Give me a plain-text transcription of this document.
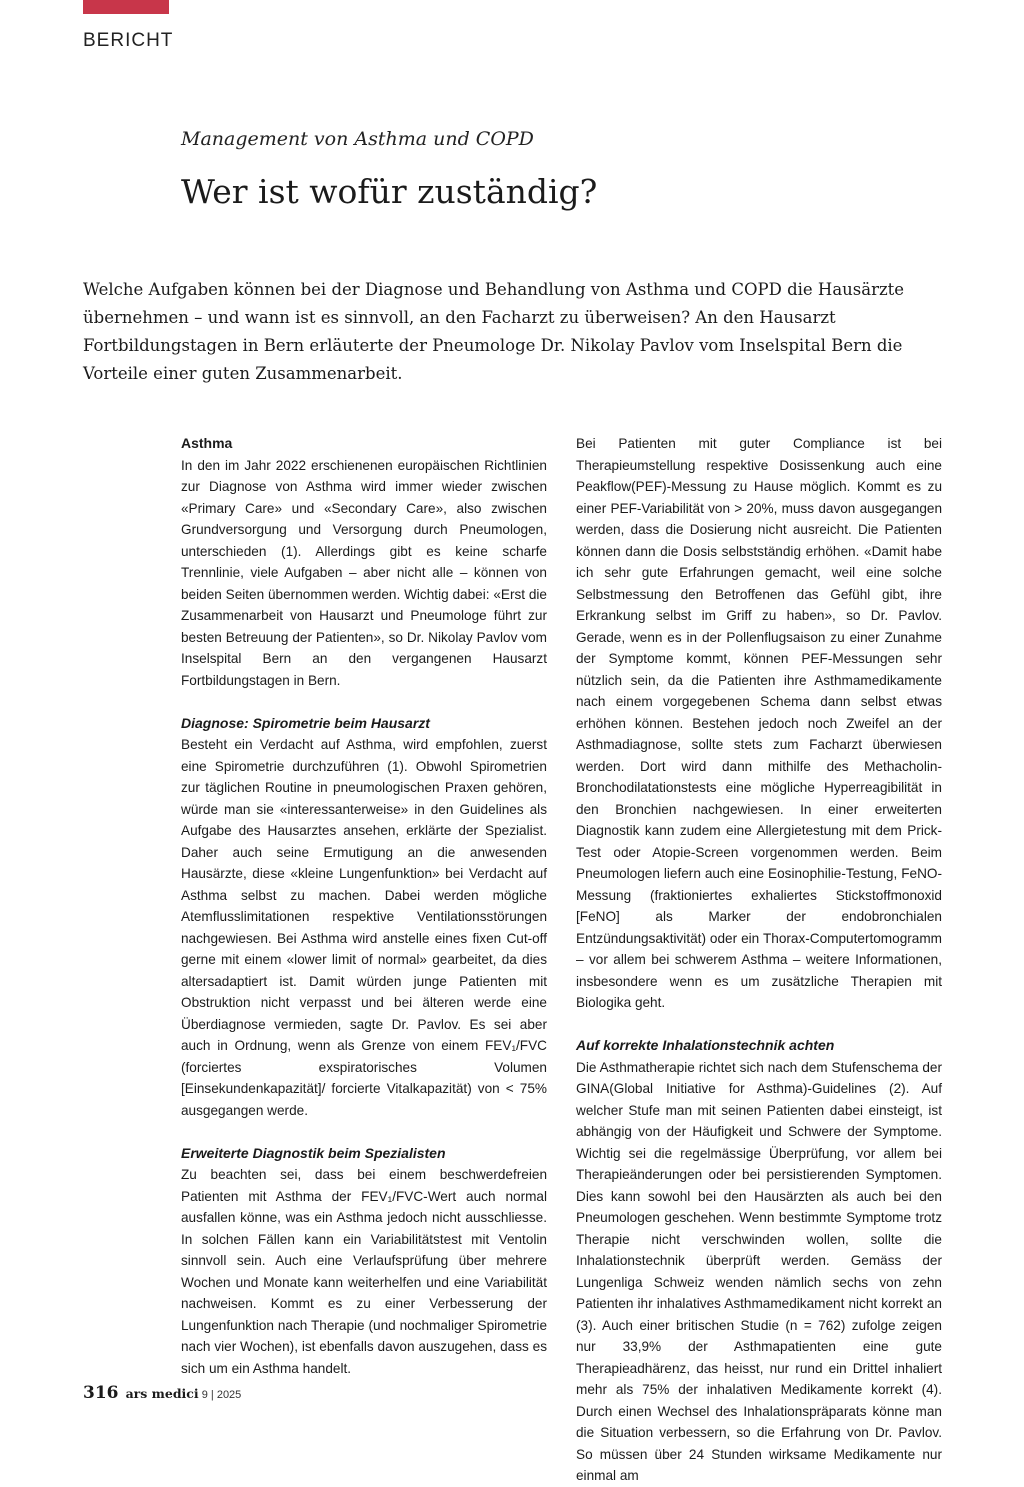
BERICHT
Management von Asthma und COPD
Wer ist wofür zuständig?

Welche Aufgaben können bei der Diagnose und Behandlung von Asthma und COPD die Hausärzte übernehmen – und wann ist es sinnvoll, an den Facharzt zu überweisen? An den Hausarzt Fortbildungstagen in Bern erläuterte der Pneumologe Dr. Nikolay Pavlov vom Inselspital Bern die Vorteile einer guten Zusammenarbeit.

Asthma

In den im Jahr 2022 erschienenen europäischen Richtlinien zur Diagnose von Asthma wird immer wieder zwischen «Primary Care» und «Secondary Care», also zwischen Grundversorgung und Versorgung durch Pneumologen, unterschieden (1). Allerdings gibt es keine scharfe Trennlinie, viele Aufgaben – aber nicht alle – können von beiden Seiten übernommen werden. Wichtig dabei: «Erst die Zusammenarbeit von Hausarzt und Pneumologe führt zur besten Betreuung der Patienten», so Dr. Nikolay Pavlov vom Inselspital Bern an den vergangenen Hausarzt Fortbildungstagen in Bern.

Diagnose: Spirometrie beim Hausarzt

Besteht ein Verdacht auf Asthma, wird empfohlen, zuerst eine Spirometrie durchzuführen (1). Obwohl Spirometrien zur täglichen Routine in pneumologischen Praxen gehören, würde man sie «interessanterweise» in den Guidelines als Aufgabe des Hausarztes ansehen, erklärte der Spezialist. Daher auch seine Ermutigung an die anwesenden Hausärzte, diese «kleine Lungenfunktion» bei Verdacht auf Asthma selbst zu machen. Dabei werden mögliche Atemflusslimitationen respektive Ventilationsstörungen nachgewiesen. Bei Asthma wird anstelle eines fixen Cut-off gerne mit einem «lower limit of normal» gearbeitet, da dies altersadaptiert ist. Damit würden junge Patienten mit Obstruktion nicht verpasst und bei älteren werde eine Überdiagnose vermieden, sagte Dr. Pavlov. Es sei aber auch in Ordnung, wenn als Grenze von einem FEV₁/FVC (forciertes exspiratorisches Volumen [Einsekundenkapazität]/ forcierte Vitalkapazität) von < 75% ausgegangen werde.

Erweiterte Diagnostik beim Spezialisten

Zu beachten sei, dass bei einem beschwerdefreien Patienten mit Asthma der FEV₁/FVC-Wert auch normal ausfallen könne, was ein Asthma jedoch nicht ausschliesse. In solchen Fällen kann ein Variabilitätstest mit Ventolin sinnvoll sein. Auch eine Verlaufsprüfung über mehrere Wochen und Monate kann weiterhelfen und eine Variabilität nachweisen. Kommt es zu einer Verbesserung der Lungenfunktion nach Therapie (und nochmaliger Spirometrie nach vier Wochen), ist ebenfalls davon auszugehen, dass es sich um ein Asthma handelt.

Bei Patienten mit guter Compliance ist bei Therapieumstellung respektive Dosissenkung auch eine Peakflow(PEF)-Messung zu Hause möglich. Kommt es zu einer PEF-Variabilität von > 20%, muss davon ausgegangen werden, dass die Dosierung nicht ausreicht. Die Patienten können dann die Dosis selbstständig erhöhen. «Damit habe ich sehr gute Erfahrungen gemacht, weil eine solche Selbstmessung den Betroffenen das Gefühl gibt, ihre Erkrankung selbst im Griff zu haben», so Dr. Pavlov. Gerade, wenn es in der Pollenflugsaison zu einer Zunahme der Symptome kommt, können PEF-Messungen sehr nützlich sein, da die Patienten ihre Asthmamedikamente nach einem vorgegebenen Schema dann selbst etwas erhöhen können. Bestehen jedoch noch Zweifel an der Asthmadiagnose, sollte stets zum Facharzt überwiesen werden. Dort wird dann mithilfe des Methacholin-Bronchodilatationstests eine mögliche Hyperreagibilität in den Bronchien nachgewiesen. In einer erweiterten Diagnostik kann zudem eine Allergietestung mit dem Prick-Test oder Atopie-Screen vorgenommen werden. Beim Pneumologen liefern auch eine Eosinophilie-Testung, FeNO-Messung (fraktioniertes exhaliertes Stickstoffmonoxid [FeNO] als Marker der endobronchialen Entzündungsaktivität) oder ein Thorax-Computertomogramm – vor allem bei schwerem Asthma – weitere Informationen, insbesondere wenn es um zusätzliche Therapien mit Biologika geht.

Auf korrekte Inhalationstechnik achten

Die Asthmatherapie richtet sich nach dem Stufenschema der GINA(Global Initiative for Asthma)-Guidelines (2). Auf welcher Stufe man mit seinen Patienten dabei einsteigt, ist abhängig von der Häufigkeit und Schwere der Symptome. Wichtig sei die regelmässige Überprüfung, vor allem bei Therapieänderungen oder bei persistierenden Symptomen. Dies kann sowohl bei den Hausärzten als auch bei den Pneumologen geschehen. Wenn bestimmte Symptome trotz Therapie nicht verschwinden wollen, sollte die Inhalationstechnik überprüft werden. Gemäss der Lungenliga Schweiz wenden nämlich sechs von zehn Patienten ihr inhalatives Asthmamedikament nicht korrekt an (3). Auch einer britischen Studie (n = 762) zufolge zeigen nur 33,9% der Asthmapatienten eine gute Therapieadhärenz, das heisst, nur rund ein Drittel inhaliert mehr als 75% der inhalativen Medikamente korrekt (4). Durch einen Wechsel des Inhalationspräparats könne man die Situation verbessern, so die Erfahrung von Dr. Pavlov. So müssen über 24 Stunden wirksame Medikamente nur einmal am

316 ars medici 9 | 2025
